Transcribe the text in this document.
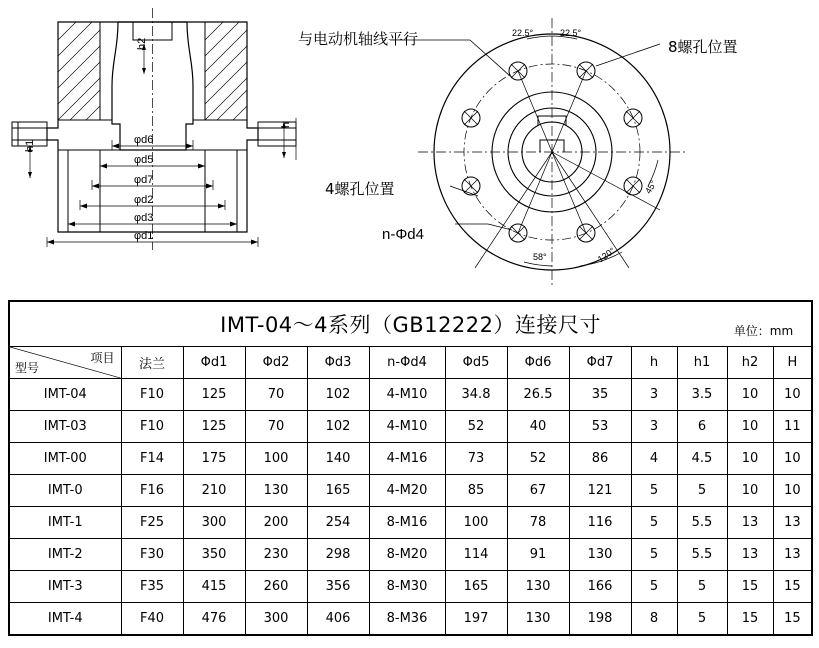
与电动机轴线平行	8螺孔位置
4螺孔位置
n-Φd4
22.5°	22.5°
45°
58°	120°
h2
h1
h
φd6
φd5
φd7
φd2
φd3
φd1
IMT-04～4系列（GB12222）连接尺寸 单位：mm												

项目
型号	法兰	Φd1	Φd2	Φd3	n-Φd4	Φd5	Φd6	Φd7	h	h1	h2	H
IMT-04	F10	125	70	102	4-M10	34.8	26.5	35	3	3.5	10	10
IMT-03	F10	125	70	102	4-M10	52	40	53	3	6	10	11
IMT-00	F14	175	100	140	4-M16	73	52	86	4	4.5	10	10
IMT-0	F16	210	130	165	4-M20	85	67	121	5	5	10	10
IMT-1	F25	300	200	254	8-M16	100	78	116	5	5.5	13	13
IMT-2	F30	350	230	298	8-M20	114	91	130	5	5.5	13	13
IMT-3	F35	415	260	356	8-M30	165	130	166	5	5	15	15
IMT-4	F40	476	300	406	8-M36	197	130	198	8	5	15	15
